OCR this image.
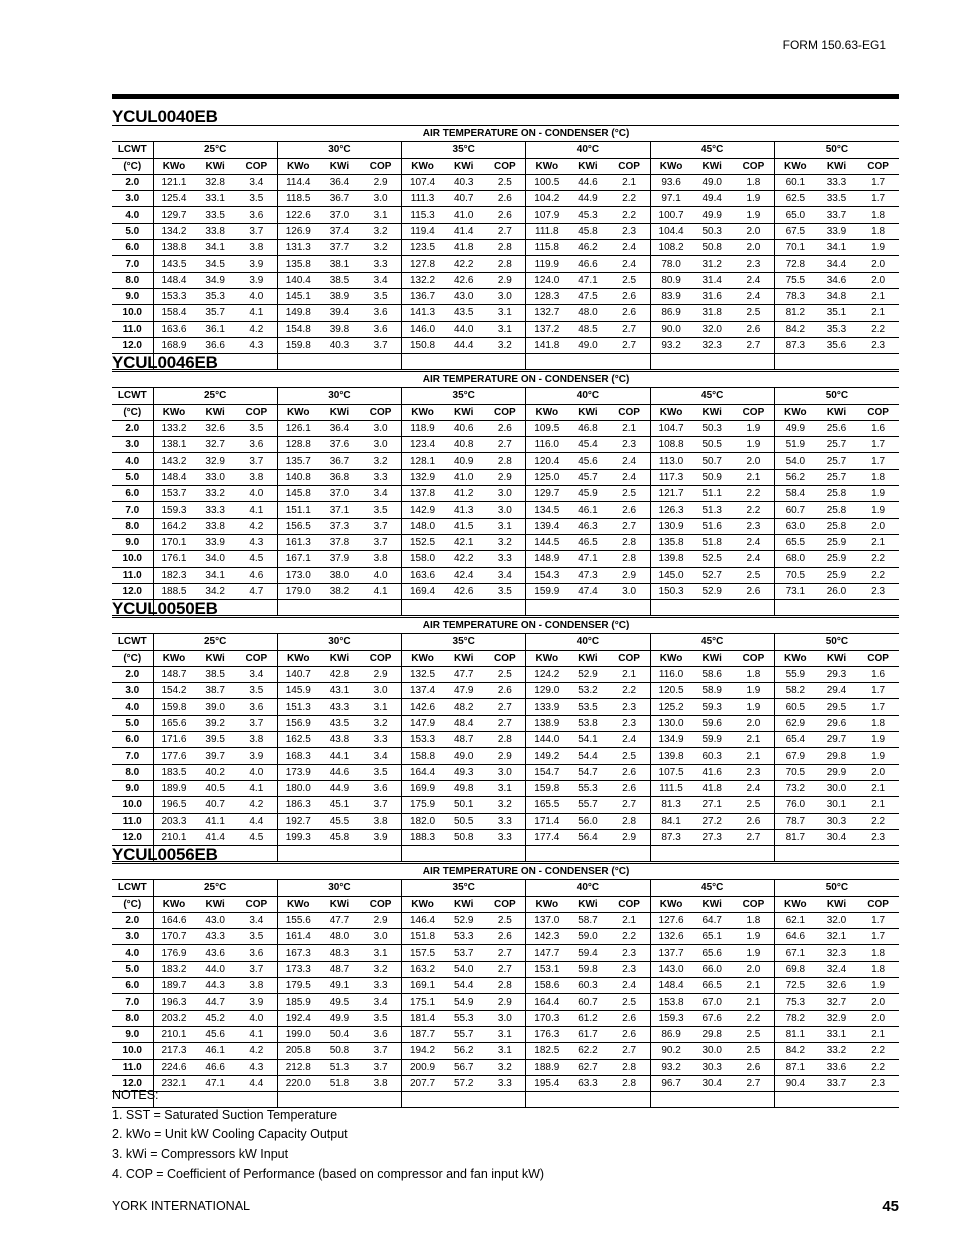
FORM 150.63-EG1
YCUL0040EB
	AIR TEMPERATURE ON - CONDENSER (°C)																	
LCWT	25°C			30°C			35°C			40°C			45°C			50°C		
(°C)	KWo	KWi	COP	KWo	KWi	COP	KWo	KWi	COP	KWo	KWi	COP	KWo	KWi	COP	KWo	KWi	COP
2.0	121.1	32.8	3.4	114.4	36.4	2.9	107.4	40.3	2.5	100.5	44.6	2.1	93.6	49.0	1.8	60.1	33.3	1.7
3.0	125.4	33.1	3.5	118.5	36.7	3.0	111.3	40.7	2.6	104.2	44.9	2.2	97.1	49.4	1.9	62.5	33.5	1.7
4.0	129.7	33.5	3.6	122.6	37.0	3.1	115.3	41.0	2.6	107.9	45.3	2.2	100.7	49.9	1.9	65.0	33.7	1.8
5.0	134.2	33.8	3.7	126.9	37.4	3.2	119.4	41.4	2.7	111.8	45.8	2.3	104.4	50.3	2.0	67.5	33.9	1.8
6.0	138.8	34.1	3.8	131.3	37.7	3.2	123.5	41.8	2.8	115.8	46.2	2.4	108.2	50.8	2.0	70.1	34.1	1.9
7.0	143.5	34.5	3.9	135.8	38.1	3.3	127.8	42.2	2.8	119.9	46.6	2.4	78.0	31.2	2.3	72.8	34.4	2.0
8.0	148.4	34.9	3.9	140.4	38.5	3.4	132.2	42.6	2.9	124.0	47.1	2.5	80.9	31.4	2.4	75.5	34.6	2.0
9.0	153.3	35.3	4.0	145.1	38.9	3.5	136.7	43.0	3.0	128.3	47.5	2.6	83.9	31.6	2.4	78.3	34.8	2.1
10.0	158.4	35.7	4.1	149.8	39.4	3.6	141.3	43.5	3.1	132.7	48.0	2.6	86.9	31.8	2.5	81.2	35.1	2.1
11.0	163.6	36.1	4.2	154.8	39.8	3.6	146.0	44.0	3.1	137.2	48.5	2.7	90.0	32.0	2.6	84.2	35.3	2.2
12.0	168.9	36.6	4.3	159.8	40.3	3.7	150.8	44.4	3.2	141.8	49.0	2.7	93.2	32.3	2.7	87.3	35.6	2.3

YCUL0046EB
	AIR TEMPERATURE ON - CONDENSER (°C)																	
LCWT	25°C			30°C			35°C			40°C			45°C			50°C		
(°C)	KWo	KWi	COP	KWo	KWi	COP	KWo	KWi	COP	KWo	KWi	COP	KWo	KWi	COP	KWo	KWi	COP
2.0	133.2	32.6	3.5	126.1	36.4	3.0	118.9	40.6	2.6	109.5	46.8	2.1	104.7	50.3	1.9	49.9	25.6	1.6
3.0	138.1	32.7	3.6	128.8	37.6	3.0	123.4	40.8	2.7	116.0	45.4	2.3	108.8	50.5	1.9	51.9	25.7	1.7
4.0	143.2	32.9	3.7	135.7	36.7	3.2	128.1	40.9	2.8	120.4	45.6	2.4	113.0	50.7	2.0	54.0	25.7	1.7
5.0	148.4	33.0	3.8	140.8	36.8	3.3	132.9	41.0	2.9	125.0	45.7	2.4	117.3	50.9	2.1	56.2	25.7	1.8
6.0	153.7	33.2	4.0	145.8	37.0	3.4	137.8	41.2	3.0	129.7	45.9	2.5	121.7	51.1	2.2	58.4	25.8	1.9
7.0	159.3	33.3	4.1	151.1	37.1	3.5	142.9	41.3	3.0	134.5	46.1	2.6	126.3	51.3	2.2	60.7	25.8	1.9
8.0	164.2	33.8	4.2	156.5	37.3	3.7	148.0	41.5	3.1	139.4	46.3	2.7	130.9	51.6	2.3	63.0	25.8	2.0
9.0	170.1	33.9	4.3	161.3	37.8	3.7	152.5	42.1	3.2	144.5	46.5	2.8	135.8	51.8	2.4	65.5	25.9	2.1
10.0	176.1	34.0	4.5	167.1	37.9	3.8	158.0	42.2	3.3	148.9	47.1	2.8	139.8	52.5	2.4	68.0	25.9	2.2
11.0	182.3	34.1	4.6	173.0	38.0	4.0	163.6	42.4	3.4	154.3	47.3	2.9	145.0	52.7	2.5	70.5	25.9	2.2
12.0	188.5	34.2	4.7	179.0	38.2	4.1	169.4	42.6	3.5	159.9	47.4	3.0	150.3	52.9	2.6	73.1	26.0	2.3

YCUL0050EB
	AIR TEMPERATURE ON - CONDENSER (°C)																	
LCWT	25°C			30°C			35°C			40°C			45°C			50°C		
(°C)	KWo	KWi	COP	KWo	KWi	COP	KWo	KWi	COP	KWo	KWi	COP	KWo	KWi	COP	KWo	KWi	COP
2.0	148.7	38.5	3.4	140.7	42.8	2.9	132.5	47.7	2.5	124.2	52.9	2.1	116.0	58.6	1.8	55.9	29.3	1.6
3.0	154.2	38.7	3.5	145.9	43.1	3.0	137.4	47.9	2.6	129.0	53.2	2.2	120.5	58.9	1.9	58.2	29.4	1.7
4.0	159.8	39.0	3.6	151.3	43.3	3.1	142.6	48.2	2.7	133.9	53.5	2.3	125.2	59.3	1.9	60.5	29.5	1.7
5.0	165.6	39.2	3.7	156.9	43.5	3.2	147.9	48.4	2.7	138.9	53.8	2.3	130.0	59.6	2.0	62.9	29.6	1.8
6.0	171.6	39.5	3.8	162.5	43.8	3.3	153.3	48.7	2.8	144.0	54.1	2.4	134.9	59.9	2.1	65.4	29.7	1.9
7.0	177.6	39.7	3.9	168.3	44.1	3.4	158.8	49.0	2.9	149.2	54.4	2.5	139.8	60.3	2.1	67.9	29.8	1.9
8.0	183.5	40.2	4.0	173.9	44.6	3.5	164.4	49.3	3.0	154.7	54.7	2.6	107.5	41.6	2.3	70.5	29.9	2.0
9.0	189.9	40.5	4.1	180.0	44.9	3.6	169.9	49.8	3.1	159.8	55.3	2.6	111.5	41.8	2.4	73.2	30.0	2.1
10.0	196.5	40.7	4.2	186.3	45.1	3.7	175.9	50.1	3.2	165.5	55.7	2.7	81.3	27.1	2.5	76.0	30.1	2.1
11.0	203.3	41.1	4.4	192.7	45.5	3.8	182.0	50.5	3.3	171.4	56.0	2.8	84.1	27.2	2.6	78.7	30.3	2.2
12.0	210.1	41.4	4.5	199.3	45.8	3.9	188.3	50.8	3.3	177.4	56.4	2.9	87.3	27.3	2.7	81.7	30.4	2.3

YCUL0056EB
	AIR TEMPERATURE ON - CONDENSER (°C)																	
LCWT	25°C			30°C			35°C			40°C			45°C			50°C		
(°C)	KWo	KWi	COP	KWo	KWi	COP	KWo	KWi	COP	KWo	KWi	COP	KWo	KWi	COP	KWo	KWi	COP
2.0	164.6	43.0	3.4	155.6	47.7	2.9	146.4	52.9	2.5	137.0	58.7	2.1	127.6	64.7	1.8	62.1	32.0	1.7
3.0	170.7	43.3	3.5	161.4	48.0	3.0	151.8	53.3	2.6	142.3	59.0	2.2	132.6	65.1	1.9	64.6	32.1	1.7
4.0	176.9	43.6	3.6	167.3	48.3	3.1	157.5	53.7	2.7	147.7	59.4	2.3	137.7	65.6	1.9	67.1	32.3	1.8
5.0	183.2	44.0	3.7	173.3	48.7	3.2	163.2	54.0	2.7	153.1	59.8	2.3	143.0	66.0	2.0	69.8	32.4	1.8
6.0	189.7	44.3	3.8	179.5	49.1	3.3	169.1	54.4	2.8	158.6	60.3	2.4	148.4	66.5	2.1	72.5	32.6	1.9
7.0	196.3	44.7	3.9	185.9	49.5	3.4	175.1	54.9	2.9	164.4	60.7	2.5	153.8	67.0	2.1	75.3	32.7	2.0
8.0	203.2	45.2	4.0	192.4	49.9	3.5	181.4	55.3	3.0	170.3	61.2	2.6	159.3	67.6	2.2	78.2	32.9	2.0
9.0	210.1	45.6	4.1	199.0	50.4	3.6	187.7	55.7	3.1	176.3	61.7	2.6	86.9	29.8	2.5	81.1	33.1	2.1
10.0	217.3	46.1	4.2	205.8	50.8	3.7	194.2	56.2	3.1	182.5	62.2	2.7	90.2	30.0	2.5	84.2	33.2	2.2
11.0	224.6	46.6	4.3	212.8	51.3	3.7	200.9	56.7	3.2	188.9	62.7	2.8	93.2	30.3	2.6	87.1	33.6	2.2
12.0	232.1	47.1	4.4	220.0	51.8	3.8	207.7	57.2	3.3	195.4	63.3	2.8	96.7	30.4	2.7	90.4	33.7	2.3

NOTES:

1. SST = Saturated Suction Temperature

2. kWo = Unit kW Cooling Capacity Output

3. kWi = Compressors kW Input

4. COP = Coefficient of Performance (based on compressor and fan input kW)

YORK INTERNATIONAL	45
